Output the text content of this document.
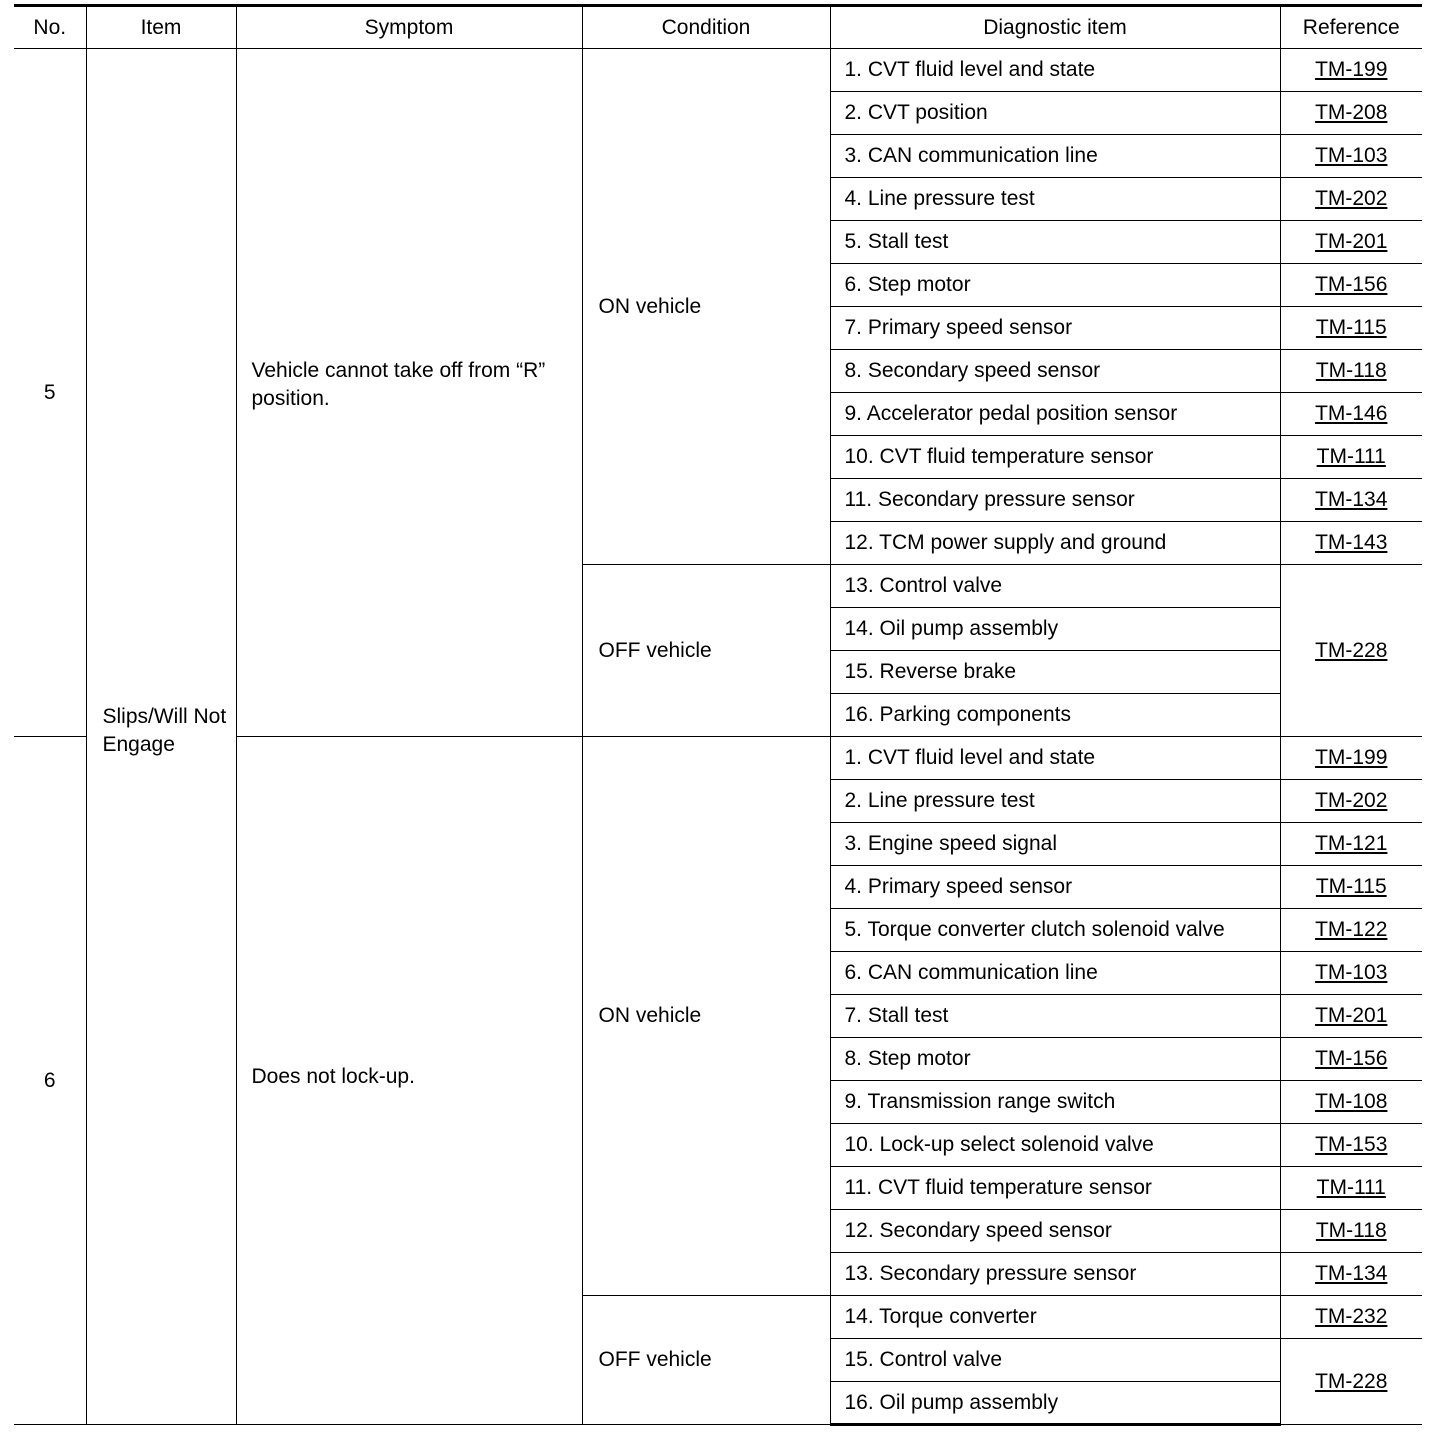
No.	Item	Symptom	Condition	Diagnostic item	Reference
5	Slips/Will Not Engage	Vehicle cannot take off from “R” position.	ON vehicle	1. CVT fluid level and state	TM-199
				2. CVT position	TM-208
				3. CAN communication line	TM-103
				4. Line pressure test	TM-202
				5. Stall test	TM-201
				6. Step motor	TM-156
				7. Primary speed sensor	TM-115
				8. Secondary speed sensor	TM-118
				9. Accelerator pedal position sensor	TM-146
				10. CVT fluid temperature sensor	TM-111
				11. Secondary pressure sensor	TM-134
				12. TCM power supply and ground	TM-143
			OFF vehicle	13. Control valve	TM-228
				14. Oil pump assembly	
				15. Reverse brake	
				16. Parking components	
6		Does not lock-up.	ON vehicle	1. CVT fluid level and state	TM-199
				2. Line pressure test	TM-202
				3. Engine speed signal	TM-121
				4. Primary speed sensor	TM-115
				5. Torque converter clutch solenoid valve	TM-122
				6. CAN communication line	TM-103
				7. Stall test	TM-201
				8. Step motor	TM-156
				9. Transmission range switch	TM-108
				10. Lock-up select solenoid valve	TM-153
				11. CVT fluid temperature sensor	TM-111
				12. Secondary speed sensor	TM-118
				13. Secondary pressure sensor	TM-134
			OFF vehicle	14. Torque converter	TM-232
				15. Control valve	TM-228
				16. Oil pump assembly	
